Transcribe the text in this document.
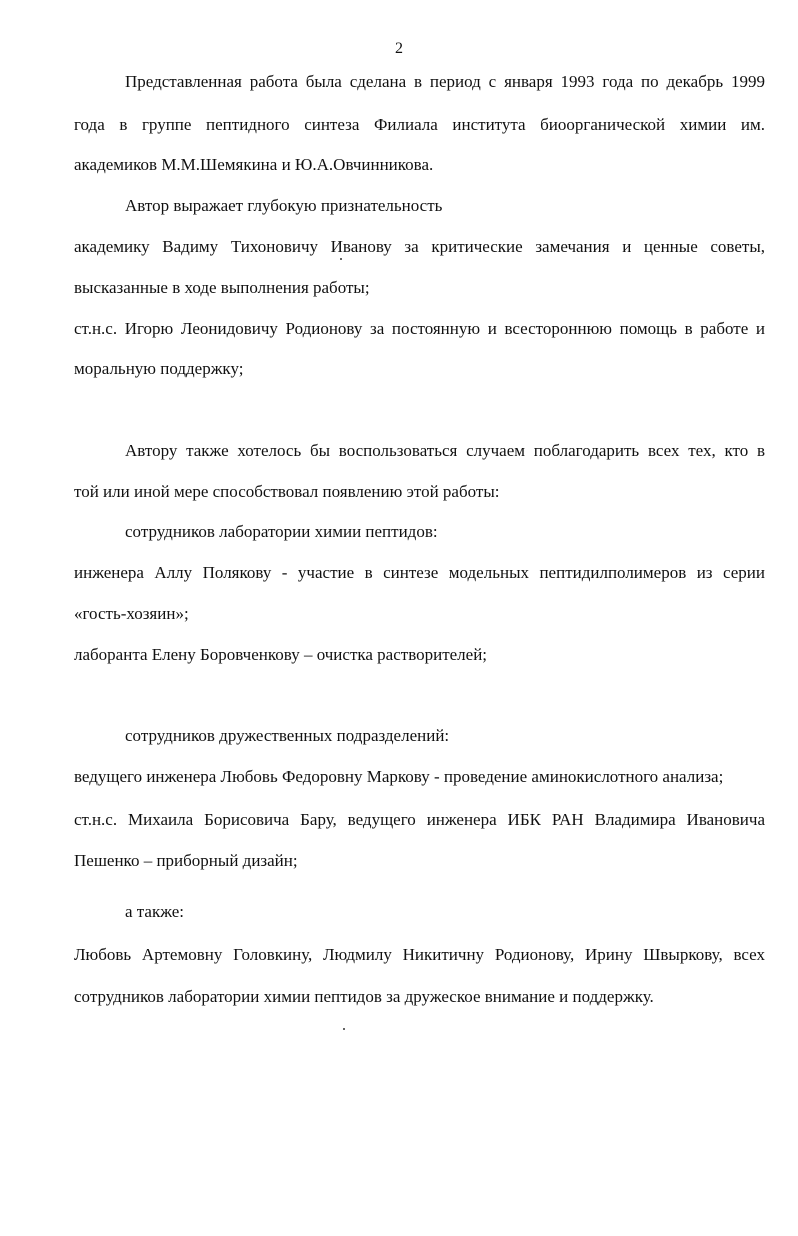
2
Представленная работа была сделана в период с января 1993 года по декабрь 1999
года в группе пептидного синтеза Филиала института биоорганической химии им.
академиков М.М.Шемякина и Ю.А.Овчинникова.
Автор выражает глубокую признательность
академику Вадиму Тихоновичу Иванову за критические замечания и ценные советы,
высказанные в ходе выполнения работы;
ст.н.с. Игорю Леонидовичу Родионову за постоянную и всестороннюю помощь в работе и
моральную поддержку;
Автору также хотелось бы воспользоваться случаем поблагодарить всех тех, кто в
той или иной мере способствовал появлению этой работы:
сотрудников лаборатории химии пептидов:
инженера Аллу Полякову - участие в синтезе модельных пептидилполимеров из серии
«гость-хозяин»;
лаборанта Елену Боровченкову – очистка растворителей;
сотрудников дружественных подразделений:
ведущего инженера Любовь Федоровну Маркову - проведение аминокислотного анализа;
ст.н.с. Михаила Борисовича Бару, ведущего инженера ИБК РАН Владимира Ивановича
Пешенко – приборный дизайн;
а также:
Любовь Артемовну Головкину, Людмилу Никитичну Родионову, Ирину Швыркову, всех
сотрудников лаборатории химии пептидов за дружеское внимание и поддержку.
